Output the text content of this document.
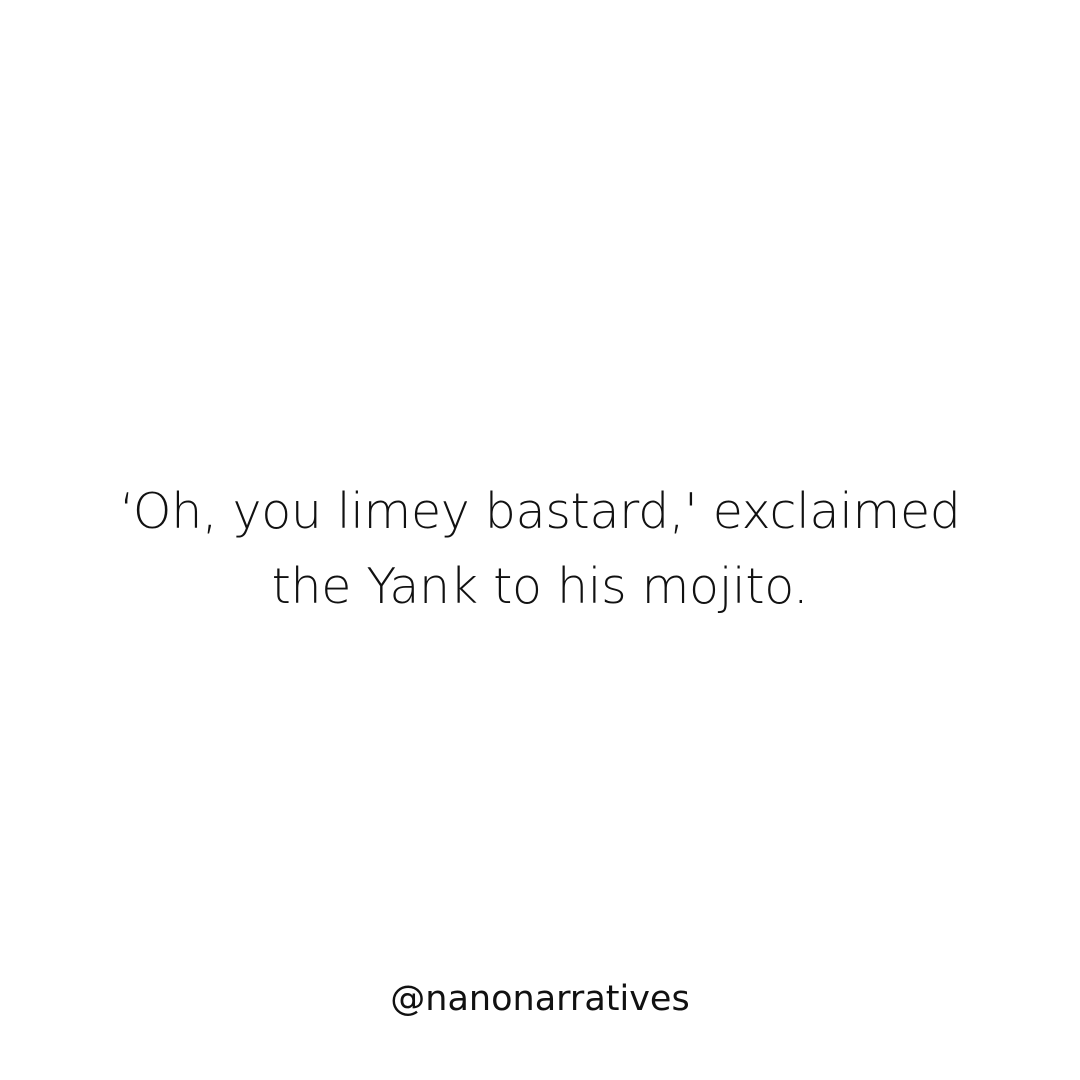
‘Oh, you limey bastard,' exclaimed
the Yank to his mojito.
@nanonarratives
